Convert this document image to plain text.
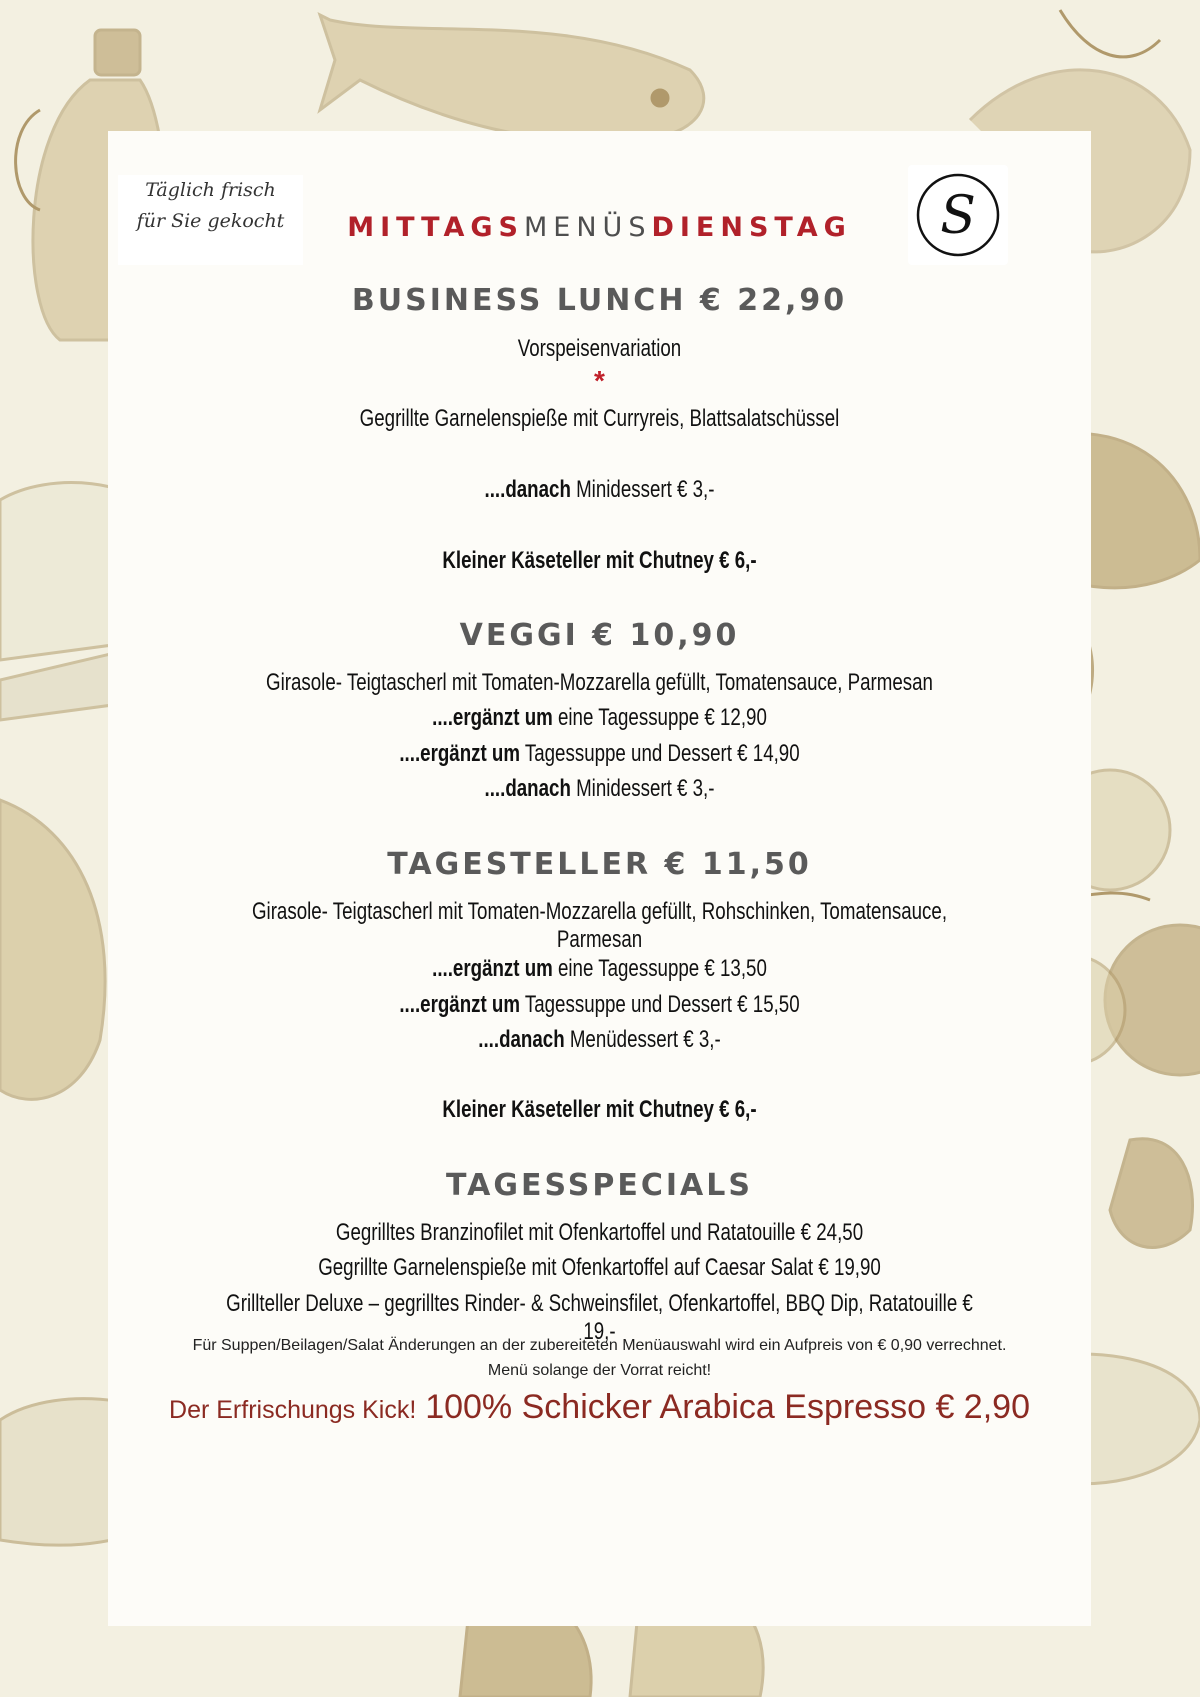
Täglich frisch
für Sie gekocht	S
MITTAGSMENÜSDIENSTAG
BUSINESS LUNCH € 22,90
Vorspeisenvariation
*
Gegrillte Garnelenspieße mit Curryreis, Blattsalatschüssel
....danach Minidessert € 3,-
Kleiner Käseteller mit Chutney € 6,-
VEGGI € 10,90
Girasole- Teigtascherl mit Tomaten-Mozzarella gefüllt, Tomatensauce, Parmesan
....ergänzt um eine Tagessuppe € 12,90
....ergänzt um Tagessuppe und Dessert € 14,90
....danach Minidessert € 3,-
TAGESTELLER € 11,50
Girasole- Teigtascherl mit Tomaten-Mozzarella gefüllt, Rohschinken, Tomatensauce, Parmesan
....ergänzt um eine Tagessuppe € 13,50
....ergänzt um Tagessuppe und Dessert € 15,50
....danach Menüdessert € 3,-
Kleiner Käseteller mit Chutney € 6,-
TAGESSPECIALS
Gegrilltes Branzinofilet mit Ofenkartoffel und Ratatouille € 24,50
Gegrillte Garnelenspieße mit Ofenkartoffel auf Caesar Salat € 19,90
Grillteller Deluxe – gegrilltes Rinder- & Schweinsfilet, Ofenkartoffel, BBQ Dip, Ratatouille € 19,-
Für Suppen/Beilagen/Salat Änderungen an der zubereiteten Menüauswahl wird ein Aufpreis von € 0,90 verrechnet.
Menü solange der Vorrat reicht!
Der Erfrischungs Kick! 100% Schicker Arabica Espresso € 2,90
